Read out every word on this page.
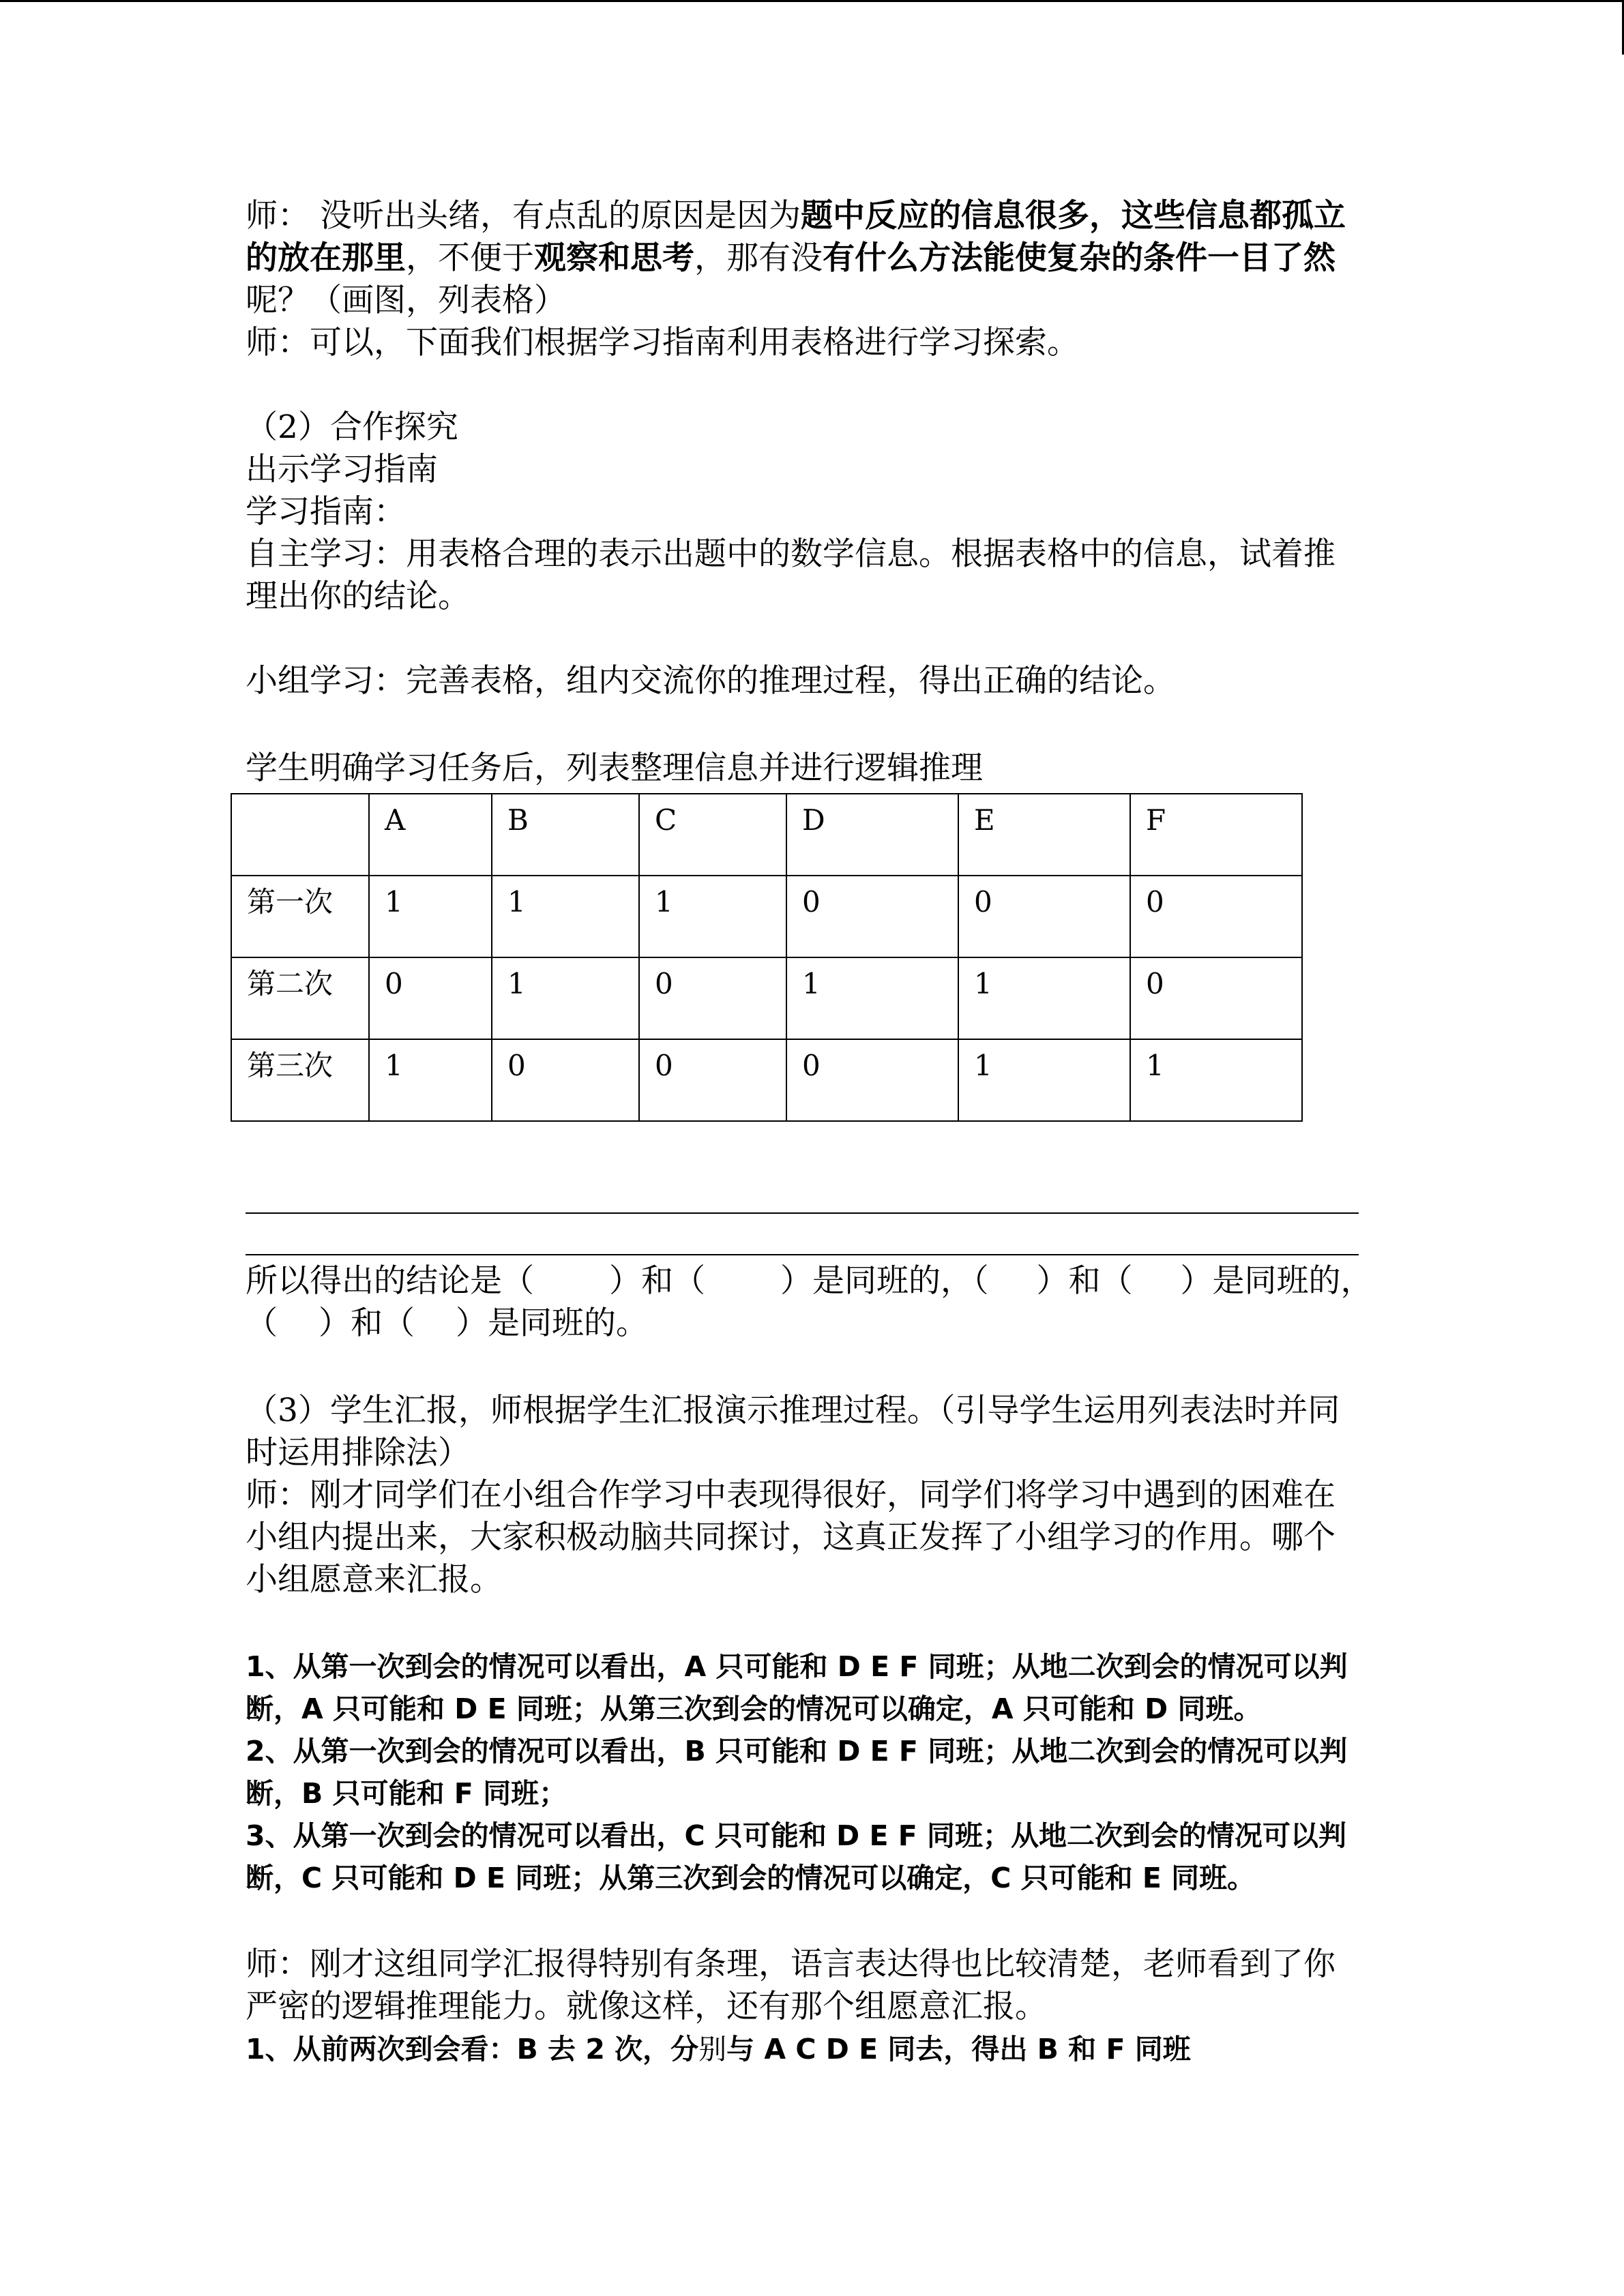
师： 没听出头绪，有点乱的原因是因为题中反应的信息很多，这些信息都孤立

的放在那里，不便于观察和思考，那有没有什么方法能使复杂的条件一目了然

呢？（画图，列表格）

师：可以，下面我们根据学习指南利用表格进行学习探索。

（2）合作探究

出示学习指南

学习指南：

自主学习：用表格合理的表示出题中的数学信息。根据表格中的信息，试着推

理出你的结论。

小组学习：完善表格，组内交流你的推理过程，得出正确的结论。

学生明确学习任务后，列表整理信息并进行逻辑推理

	A	B	C	D	E	F
第一次	1	1	1	0	0	0
第二次	0	1	0	1	1	0
第三次	1	0	0	0	1	1

所以得出的结论是（ ）和（ ）是同班的，（ ）和（ ）是同班的，

（ ）和（ ）是同班的。

（3）学生汇报，师根据学生汇报演示推理过程。（引导学生运用列表法时并同

时运用排除法）

师：刚才同学们在小组合作学习中表现得很好，同学们将学习中遇到的困难在

小组内提出来，大家积极动脑共同探讨，这真正发挥了小组学习的作用。哪个

小组愿意来汇报。

1、从第一次到会的情况可以看出，A 只可能和 D E F 同班；从地二次到会的情况可以判

断，A 只可能和 D E 同班；从第三次到会的情况可以确定，A 只可能和 D 同班。

2、从第一次到会的情况可以看出，B 只可能和 D E F 同班；从地二次到会的情况可以判

断，B 只可能和 F 同班；

3、从第一次到会的情况可以看出，C 只可能和 D E F 同班；从地二次到会的情况可以判

断，C 只可能和 D E 同班；从第三次到会的情况可以确定，C 只可能和 E 同班。

师：刚才这组同学汇报得特别有条理，语言表达得也比较清楚，老师看到了你

严密的逻辑推理能力。就像这样，还有那个组愿意汇报。

1、从前两次到会看：B 去 2 次，分别与 A C D E 同去，得出 B 和 F 同班
